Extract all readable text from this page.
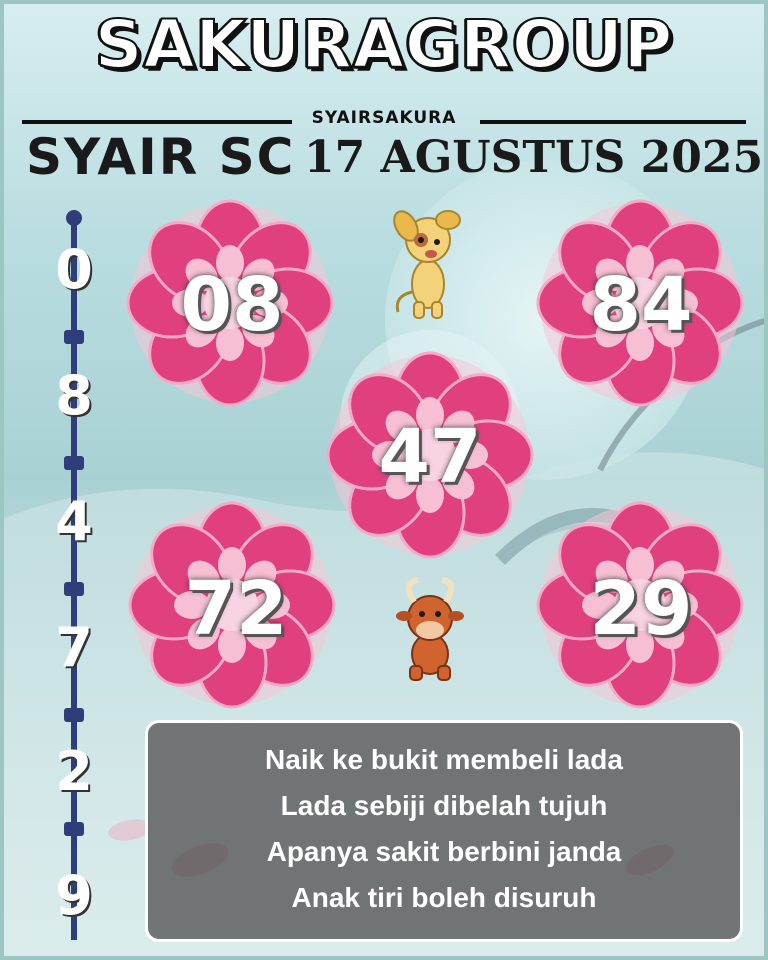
SAKURAGROUP
SYAIRSAKURA
SYAIR SC 17 AGUSTUS 2025
08	84
47
72	29
0
8
4
7
2
9
Naik ke bukit membeli lada
Lada sebiji dibelah tujuh
Apanya sakit berbini janda
Anak tiri boleh disuruh
